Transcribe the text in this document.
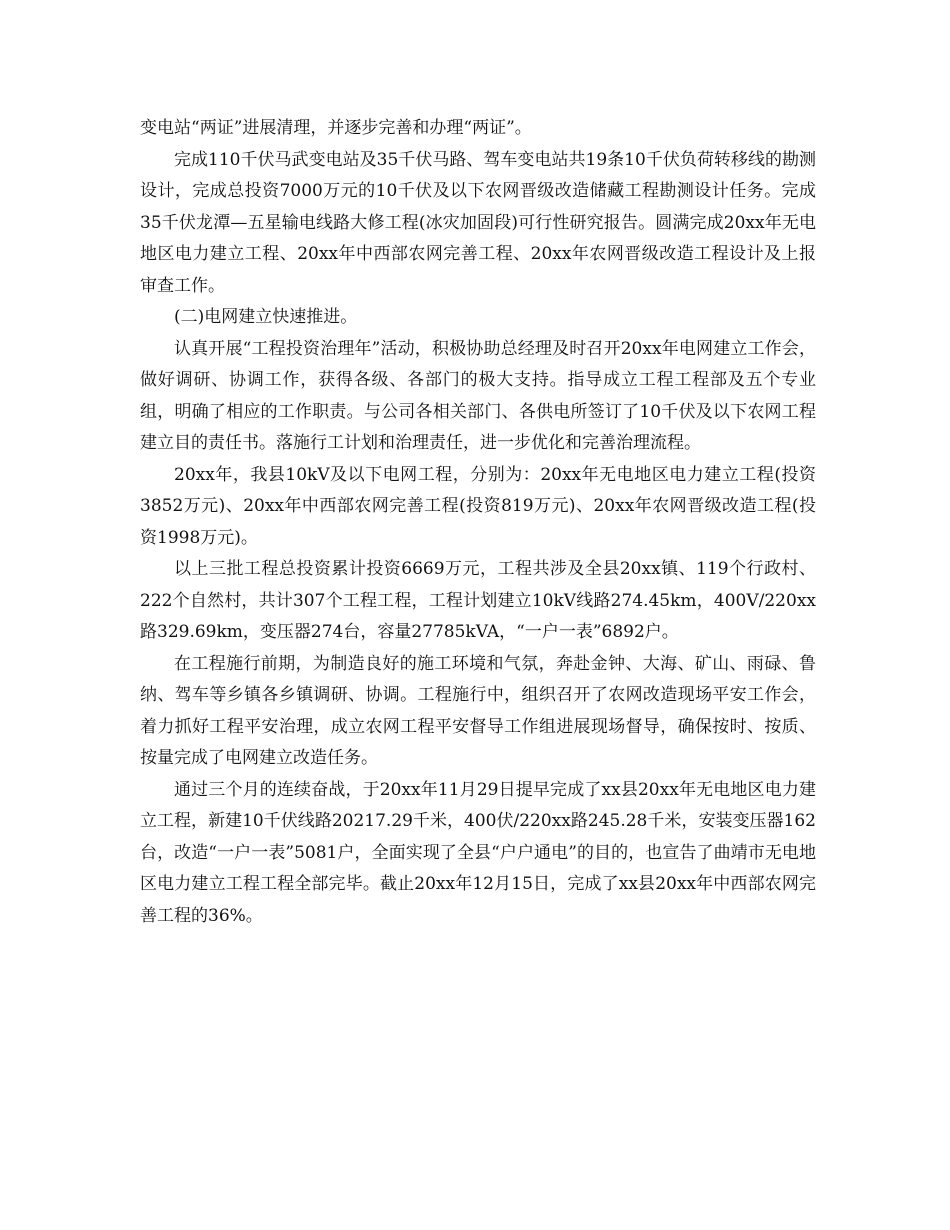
变电站“两证”进展清理，并逐步完善和办理“两证”。

完成110千伏马武变电站及35千伏马路、驾车变电站共19条10千伏负荷转移线的勘测设计，完成总投资7000万元的10千伏及以下农网晋级改造储藏工程勘测设计任务。完成35千伏龙潭—五星输电线路大修工程(冰灾加固段)可行性研究报告。圆满完成20xx年无电地区电力建立工程、20xx年中西部农网完善工程、20xx年农网晋级改造工程设计及上报审查工作。

(二)电网建立快速推进。

认真开展“工程投资治理年”活动，积极协助总经理及时召开20xx年电网建立工作会，做好调研、协调工作，获得各级、各部门的极大支持。指导成立工程工程部及五个专业组，明确了相应的工作职责。与公司各相关部门、各供电所签订了10千伏及以下农网工程建立目的责任书。落施行工计划和治理责任，进一步优化和完善治理流程。

20xx年，我县10kV及以下电网工程，分别为：20xx年无电地区电力建立工程(投资3852万元)、20xx年中西部农网完善工程(投资819万元)、20xx年农网晋级改造工程(投资1998万元)。

以上三批工程总投资累计投资6669万元，工程共涉及全县20xx镇、119个行政村、222个自然村，共计307个工程工程，工程计划建立10kV线路274.45km，400V/220xx路329.69km，变压器274台，容量27785kVA，“一户一表”6892户。

在工程施行前期，为制造良好的施工环境和气氛，奔赴金钟、大海、矿山、雨碌、鲁纳、驾车等乡镇各乡镇调研、协调。工程施行中，组织召开了农网改造现场平安工作会，着力抓好工程平安治理，成立农网工程平安督导工作组进展现场督导，确保按时、按质、按量完成了电网建立改造任务。

通过三个月的连续奋战，于20xx年11月29日提早完成了xx县20xx年无电地区电力建立工程，新建10千伏线路20217.29千米，400伏/220xx路245.28千米，安装变压器162台，改造“一户一表”5081户，全面实现了全县“户户通电”的目的，也宣告了曲靖市无电地区电力建立工程工程全部完毕。截止20xx年12月15日，完成了xx县20xx年中西部农网完善工程的36%。
